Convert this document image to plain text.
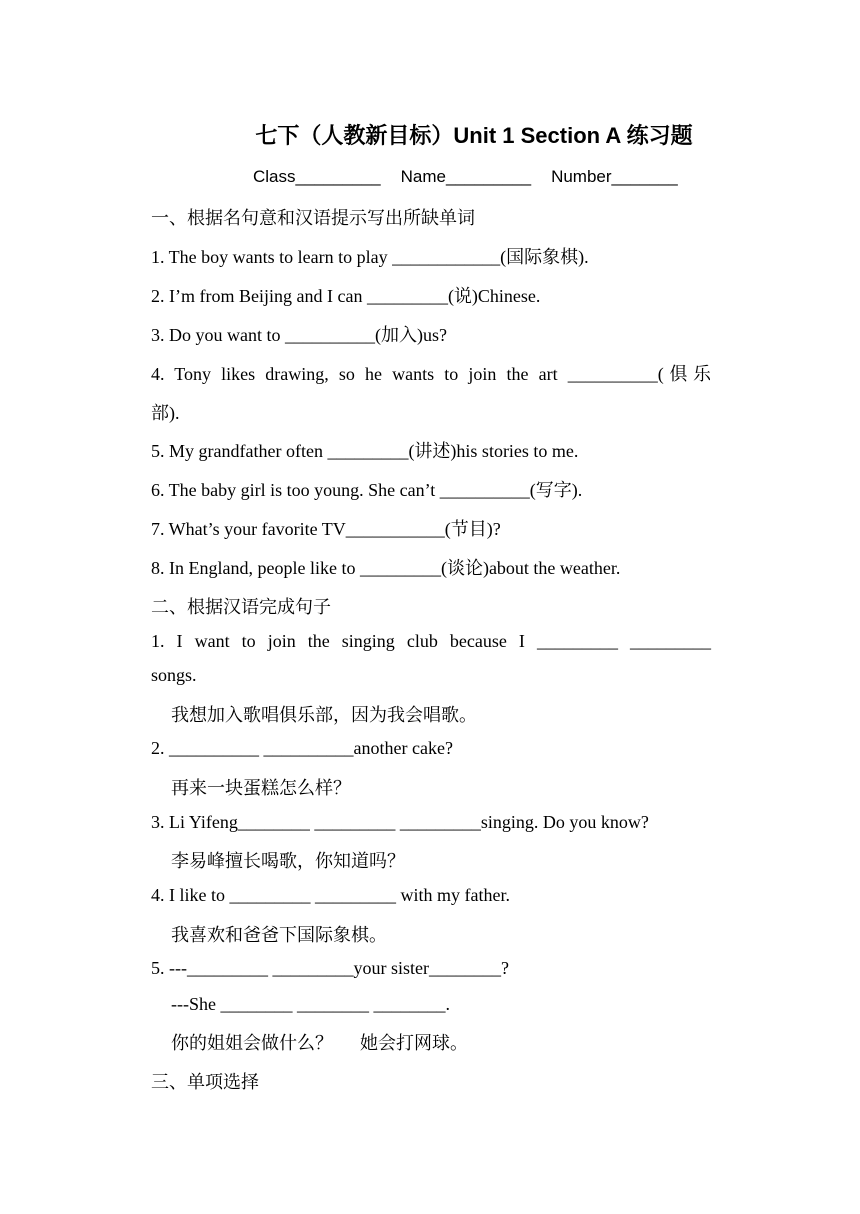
七下（人教新目标）Unit 1 Section A 练习题
Class_________ Name_________ Number_______
一、根据名句意和汉语提示写出所缺单词
1. The boy wants to learn to play ____________(国际象棋).
2. I’m from Beijing and I can _________(说)Chinese.
3. Do you want to __________(加入)us?
4. Tony likes drawing, so he wants to join the art __________(俱乐
部).
5. My grandfather often _________(讲述)his stories to me.
6. The baby girl is too young. She can’t __________(写字).
7. What’s your favorite TV___________(节目)?
8. In England, people like to _________(谈论)about the weather.
二、根据汉语完成句子
1. I want to join the singing club because I _________ _________
songs.
我想加入歌唱俱乐部，因为我会唱歌。
2. __________ __________another cake?
再来一块蛋糕怎么样？
3. Li Yifeng________ _________ _________singing. Do you know?
李易峰擅长喝歌，你知道吗？
4. I like to _________ _________ with my father.
我喜欢和爸爸下国际象棋。
5. ---_________ _________your sister________?
---She ________ ________ ________.
你的姐姐会做什么？      她会打网球。
三、单项选择
